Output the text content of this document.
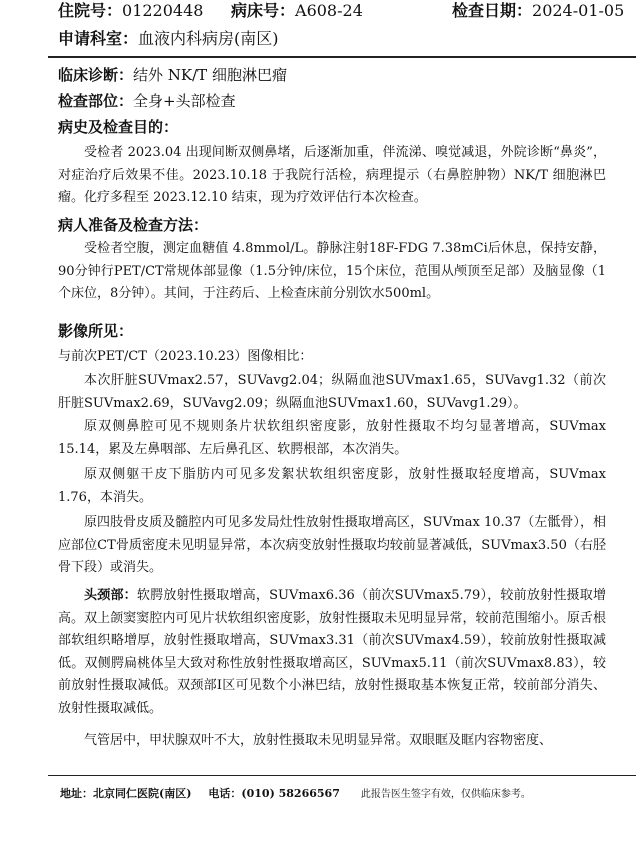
住院号：01220448 病床号：A608-24	检查日期：2024-01-05
申请科室：血液内科病房(南区)
临床诊断：结外 NK/T 细胞淋巴瘤
检查部位：全身+头部检查
病史及检查目的：
受检者 2023.04 出现间断双侧鼻堵，后逐渐加重，伴流涕、嗅觉减退，外院诊断“鼻炎”，对症治疗后效果不佳。2023.10.18 于我院行活检，病理提示（右鼻腔肿物）NK/T 细胞淋巴瘤。化疗多程至 2023.12.10 结束，现为疗效评估行本次检查。
病人准备及检查方法：
受检者空腹，测定血糖值 4.8mmol/L。静脉注射18F-FDG 7.38mCi后休息，保持安静，90分钟行PET/CT常规体部显像（1.5分钟/床位，15个床位，范围从颅顶至足部）及脑显像（1个床位，8分钟）。其间，于注药后、上检查床前分别饮水500ml。
影像所见：
与前次PET/CT（2023.10.23）图像相比：
本次肝脏SUVmax2.57，SUVavg2.04；纵隔血池SUVmax1.65，SUVavg1.32（前次肝脏SUVmax2.69，SUVavg2.09；纵隔血池SUVmax1.60，SUVavg1.29）。
原双侧鼻腔可见不规则条片状软组织密度影，放射性摄取不均匀显著增高，SUVmax 15.14，累及左鼻咽部、左后鼻孔区、软腭根部，本次消失。
原双侧躯干皮下脂肪内可见多发絮状软组织密度影，放射性摄取轻度增高，SUVmax 1.76，本消失。
原四肢骨皮质及髓腔内可见多发局灶性放射性摄取增高区，SUVmax 10.37（左骶骨），相应部位CT骨质密度未见明显异常，本次病变放射性摄取均较前显著减低，SUVmax3.50（右胫骨下段）或消失。
头颈部：软腭放射性摄取增高，SUVmax6.36（前次SUVmax5.79），较前放射性摄取增高。双上颌窦窦腔内可见片状软组织密度影，放射性摄取未见明显异常，较前范围缩小。原舌根部软组织略增厚，放射性摄取增高，SUVmax3.31（前次SUVmax4.59），较前放射性摄取减低。双侧腭扁桃体呈大致对称性放射性摄取增高区，SUVmax5.11（前次SUVmax8.83），较前放射性摄取减低。双颈部I区可见数个小淋巴结，放射性摄取基本恢复正常，较前部分消失、放射性摄取减低。
气管居中，甲状腺双叶不大，放射性摄取未见明显异常。双眼眶及眶内容物密度、
地址：北京同仁医院(南区) 电话：(010) 58266567 此报告医生签字有效，仅供临床参考。
